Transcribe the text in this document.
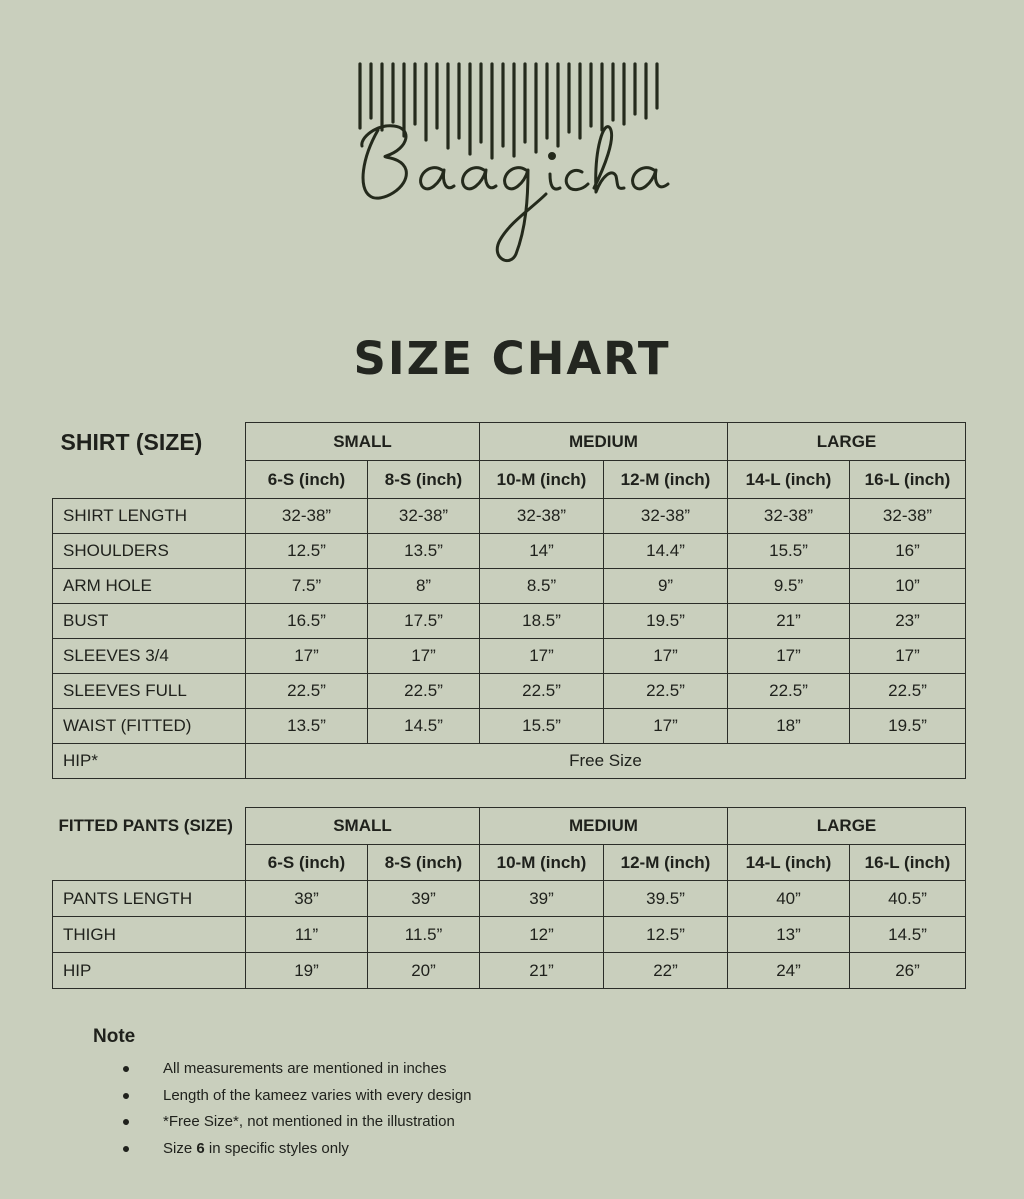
SIZE CHART
SHIRT (SIZE)	SMALL		MEDIUM		LARGE	
	6-S (inch)	8-S (inch)	10-M (inch)	12-M (inch)	14-L (inch)	16-L (inch)
SHIRT LENGTH	32-38”	32-38”	32-38”	32-38”	32-38”	32-38”
SHOULDERS	12.5”	13.5”	14”	14.4”	15.5”	16”
ARM HOLE	7.5”	8”	8.5”	9”	9.5”	10”
BUST	16.5”	17.5”	18.5”	19.5”	21”	23”
SLEEVES 3/4	17”	17”	17”	17”	17”	17”
SLEEVES FULL	22.5”	22.5”	22.5”	22.5”	22.5”	22.5”
WAIST (FITTED)	13.5”	14.5”	15.5”	17”	18”	19.5”
HIP*	Free Size					
FITTED PANTS (SIZE)	SMALL		MEDIUM		LARGE	
	6-S (inch)	8-S (inch)	10-M (inch)	12-M (inch)	14-L (inch)	16-L (inch)
PANTS LENGTH	38”	39”	39”	39.5”	40”	40.5”
THIGH	11”	11.5”	12”	12.5”	13”	14.5”
HIP	19”	20”	21”	22”	24”	26”
Note
All measurements are mentioned in inches
Length of the kameez varies with every design
*Free Size*, not mentioned in the illustration
Size 6 in specific styles only
